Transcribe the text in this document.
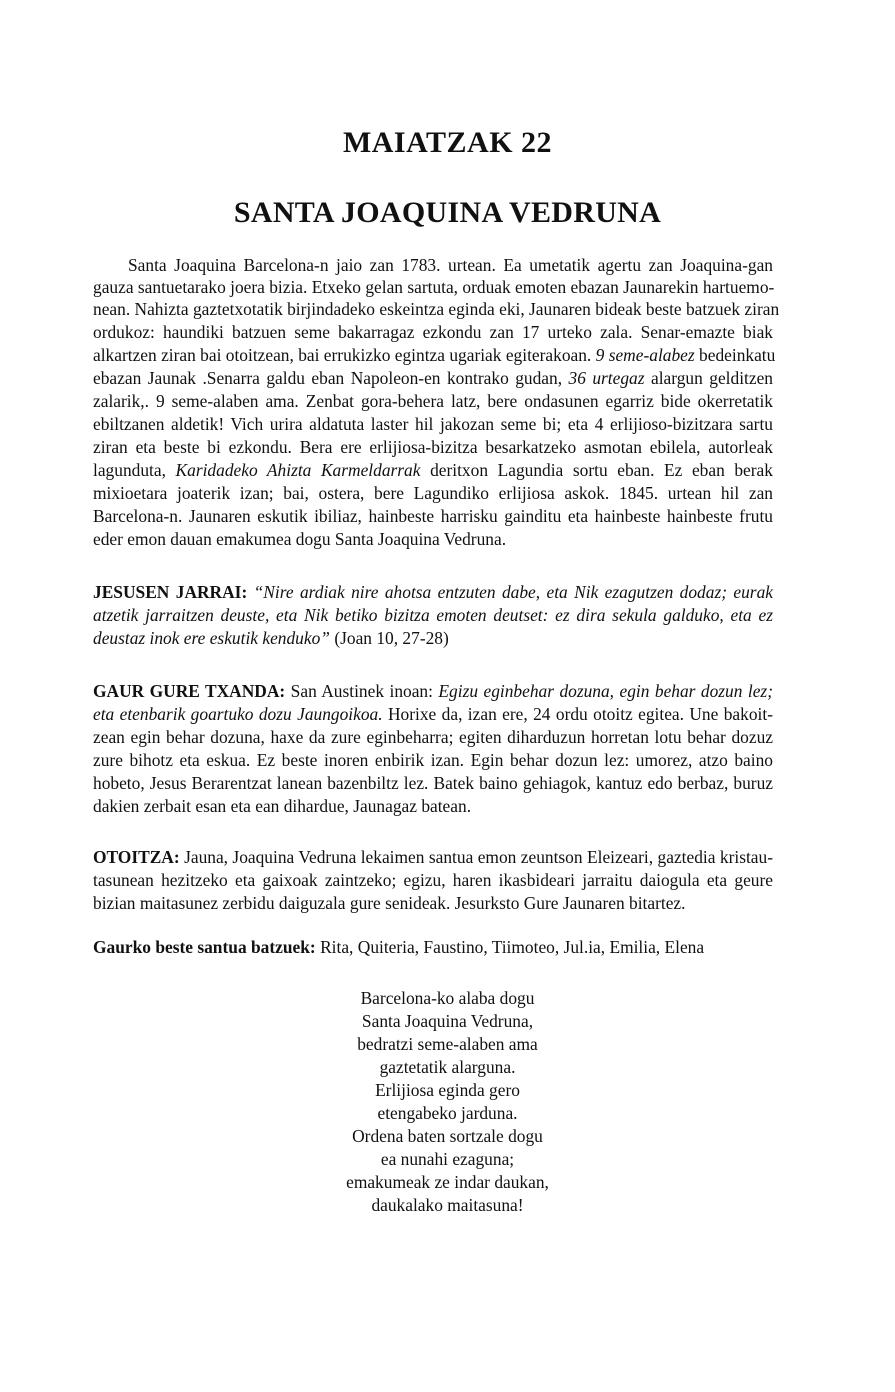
MAIATZAK 22
SANTA JOAQUINA VEDRUNA
Santa Joaquina Barcelona-n jaio zan 1783. urtean. Ea umetatik agertu zan Joaquina-gan
gauza santuetarako joera bizia. Etxeko gelan sartuta, orduak emoten ebazan Jaunarekin hartuemo-
nean. Nahizta gaztetxotatik birjindadeko eskeintza eginda eki, Jaunaren bideak beste batzuek ziran
ordukoz: haundiki batzuen seme bakarragaz ezkondu zan 17 urteko zala. Senar-emazte biak
alkartzen ziran bai otoitzean, bai errukizko egintza ugariak egiterakoan. 9 seme-alabez bedeinkatu
ebazan Jaunak .Senarra galdu eban Napoleon-en kontrako gudan, 36 urtegaz alargun gelditzen
zalarik,. 9 seme-alaben ama. Zenbat gora-behera latz, bere ondasunen egarriz bide okerretatik
ebiltzanen aldetik! Vich urira aldatuta laster hil jakozan seme bi; eta 4 erlijioso-bizitzara sartu
ziran eta beste bi ezkondu. Bera ere erlijiosa-bizitza besarkatzeko asmotan ebilela, autorleak
lagunduta, Karidadeko Ahizta Karmeldarrak deritxon Lagundia sortu eban. Ez eban berak
mixioetara joaterik izan; bai, ostera, bere Lagundiko erlijiosa askok. 1845. urtean hil zan
Barcelona-n. Jaunaren eskutik ibiliaz, hainbeste harrisku gainditu eta hainbeste hainbeste frutu
eder emon dauan emakumea dogu Santa Joaquina Vedruna.
JESUSEN JARRAI: “Nire ardiak nire ahotsa entzuten dabe, eta Nik ezagutzen dodaz; eurak
atzetik jarraitzen deuste, eta Nik betiko bizitza emoten deutset: ez dira sekula galduko, eta ez
deustaz inok ere eskutik kenduko” (Joan 10, 27-28)
GAUR GURE TXANDA: San Austinek inoan: Egizu eginbehar dozuna, egin behar dozun lez;
eta etenbarik goartuko dozu Jaungoikoa. Horixe da, izan ere, 24 ordu otoitz egitea. Une bakoit-
zean egin behar dozuna, haxe da zure eginbeharra; egiten diharduzun horretan lotu behar dozuz
zure bihotz eta eskua. Ez beste inoren enbirik izan. Egin behar dozun lez: umorez, atzo baino
hobeto, Jesus Berarentzat lanean bazenbiltz lez. Batek baino gehiagok, kantuz edo berbaz, buruz
dakien zerbait esan eta ean dihardue, Jaunagaz batean.
OTOITZA: Jauna, Joaquina Vedruna lekaimen santua emon zeuntson Eleizeari, gaztedia kristau-
tasunean hezitzeko eta gaixoak zaintzeko; egizu, haren ikasbideari jarraitu daiogula eta geure
bizian maitasunez zerbidu daiguzala gure senideak. Jesurksto Gure Jaunaren bitartez.
Gaurko beste santua batzuek: Rita, Quiteria, Faustino, Tiimoteo, Jul.ia, Emilia, Elena
Barcelona-ko alaba dogu
Santa Joaquina Vedruna,
bedratzi seme-alaben ama
gaztetatik alarguna.
Erlijiosa eginda gero
etengabeko jarduna.
Ordena baten sortzale dogu
ea nunahi ezaguna;
emakumeak ze indar daukan,
daukalako maitasuna!
